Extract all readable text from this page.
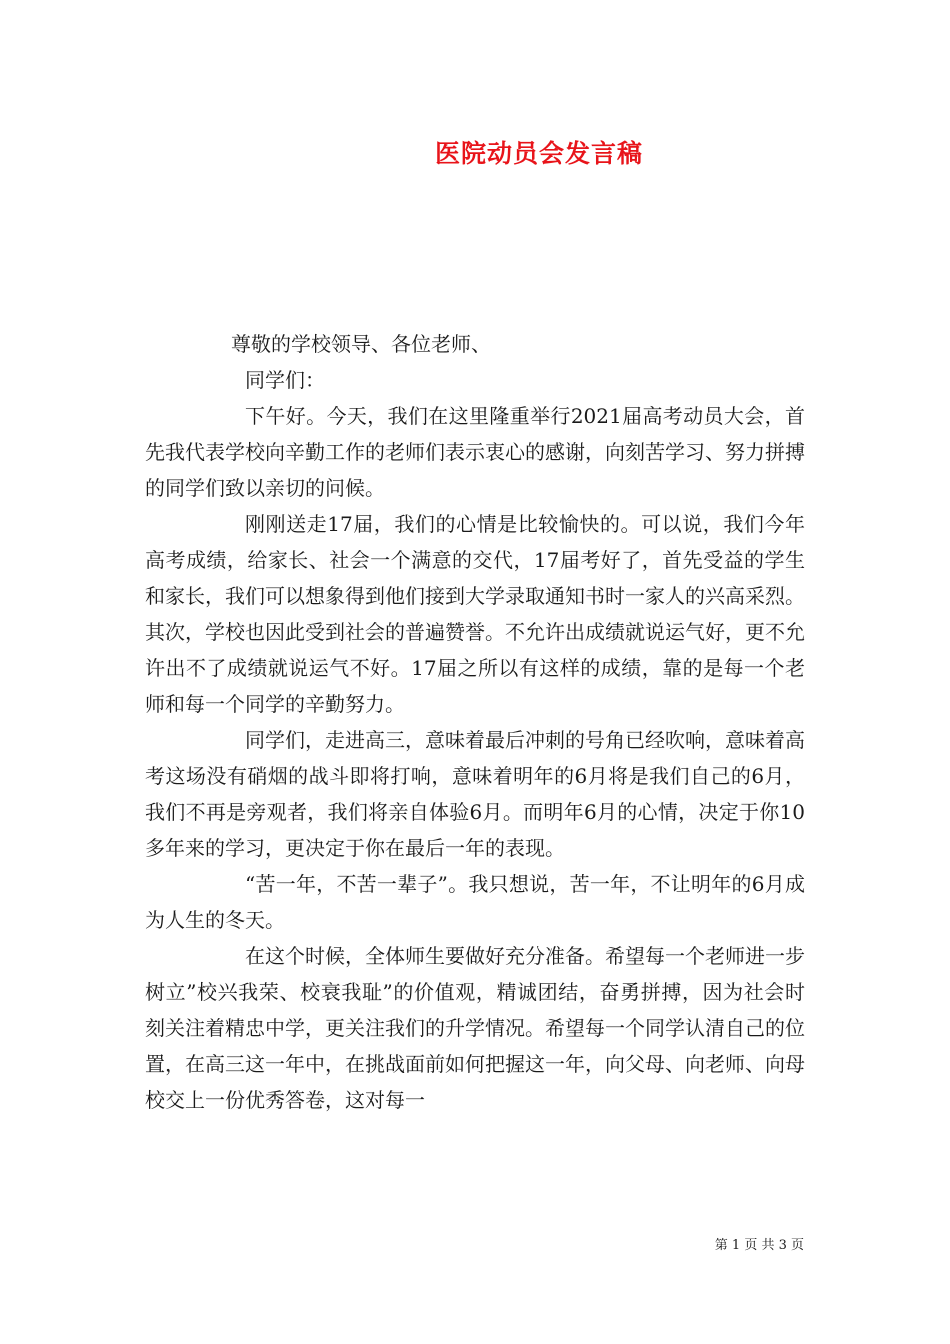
医院动员会发言稿

尊敬的学校领导、各位老师、

同学们：

下午好。今天，我们在这里隆重举行2021届高考动员大会，首先我代表学校向辛勤工作的老师们表示衷心的感谢，向刻苦学习、努力拼搏的同学们致以亲切的问候。

刚刚送走17届，我们的心情是比较愉快的。可以说，我们今年高考成绩，给家长、社会一个满意的交代，17届考好了，首先受益的学生和家长，我们可以想象得到他们接到大学录取通知书时一家人的兴高采烈。其次，学校也因此受到社会的普遍赞誉。不允许出成绩就说运气好，更不允许出不了成绩就说运气不好。17届之所以有这样的成绩，靠的是每一个老师和每一个同学的辛勤努力。

同学们，走进高三，意味着最后冲刺的号角已经吹响，意味着高考这场没有硝烟的战斗即将打响，意味着明年的6月将是我们自己的6月，我们不再是旁观者，我们将亲自体验6月。而明年6月的心情，决定于你10多年来的学习，更决定于你在最后一年的表现。

“苦一年，不苦一辈子”。我只想说，苦一年，不让明年的6月成为人生的冬天。

在这个时候，全体师生要做好充分准备。希望每一个老师进一步树立”校兴我荣、校衰我耻”的价值观，精诚团结，奋勇拼搏，因为社会时刻关注着精忠中学，更关注我们的升学情况。希望每一个同学认清自己的位置，在高三这一年中，在挑战面前如何把握这一年，向父母、向老师、向母校交上一份优秀答卷，这对每一

第 1 页 共 3 页
